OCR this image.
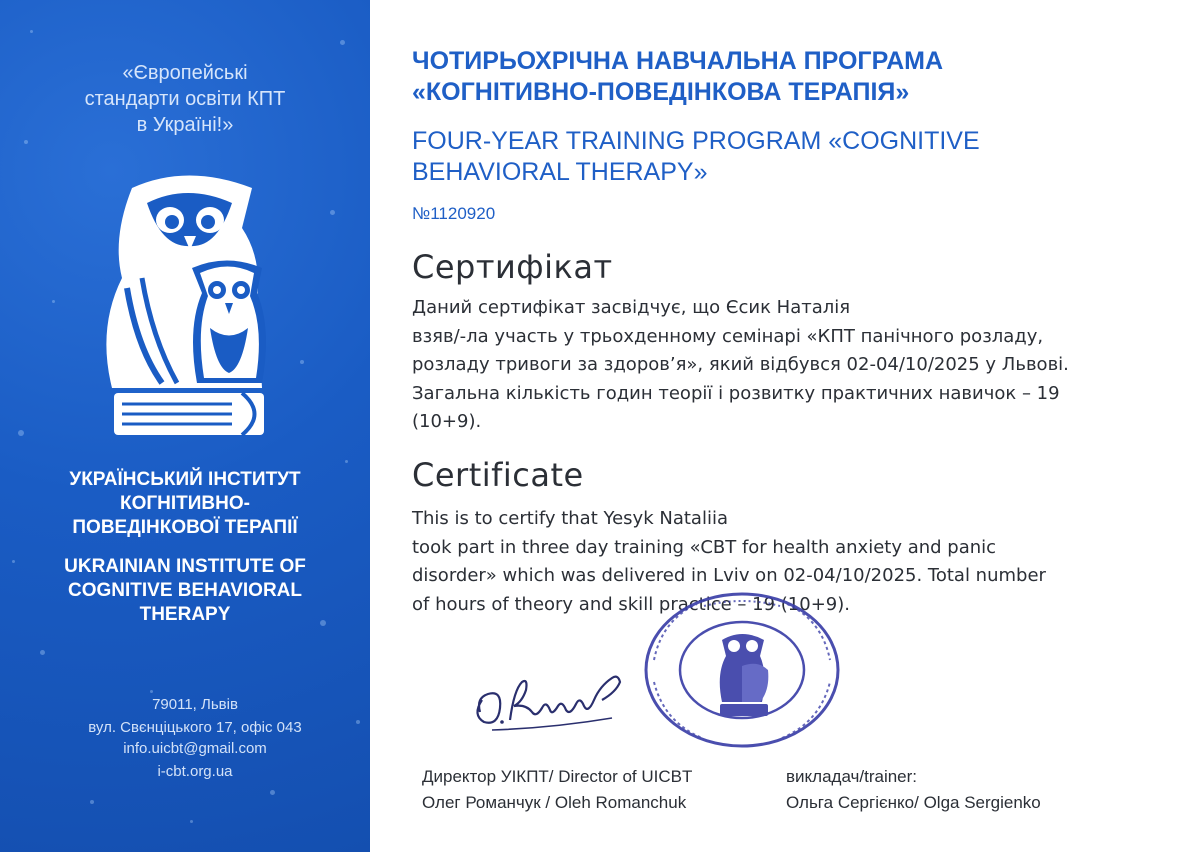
«Європейські
стандарти освіти КПТ
в Україні!»
УКРАЇНСЬКИЙ ІНСТИТУТ
КОГНІТИВНО-
ПОВЕДІНКОВОЇ ТЕРАПІЇ
UKRAINIAN INSTITUTE OF
COGNITIVE BEHAVIORAL
THERAPY
79011, Львів
вул. Свєнціцького 17, офіс 043
info.uicbt@gmail.com
i-cbt.org.ua
ЧОТИРЬОХРІЧНА НАВЧАЛЬНА ПРОГРАМА
«КОГНІТИВНО-ПОВЕДІНКОВА ТЕРАПІЯ»
FOUR-YEAR TRAINING PROGRAM «COGNITIVE
BEHAVIORAL THERAPY»
№1120920
Сертифікат
Даний сертифікат засвідчує, що Єсик Наталія
взяв/-ла участь у трьохденному семінарі «КПТ панічного розладу,
розладу тривоги за здоров’я», який відбувся 02-04/10/2025 у Львові.
Загальна кількість годин теорії і розвитку практичних навичок – 19
(10+9).
Certificate
This is to certify that Yesyk Nataliia
took part in three day training «CBT for health anxiety and panic
disorder» which was delivered in Lviv on 02-04/10/2025. Total number
of hours of theory and skill practice – 19 (10+9).
Директор УІКПТ/ Director of UICBT
Олег Романчук / Oleh Romanchuk
викладач/trainer:
Ольга Сергієнко/ Olga Sergienko
